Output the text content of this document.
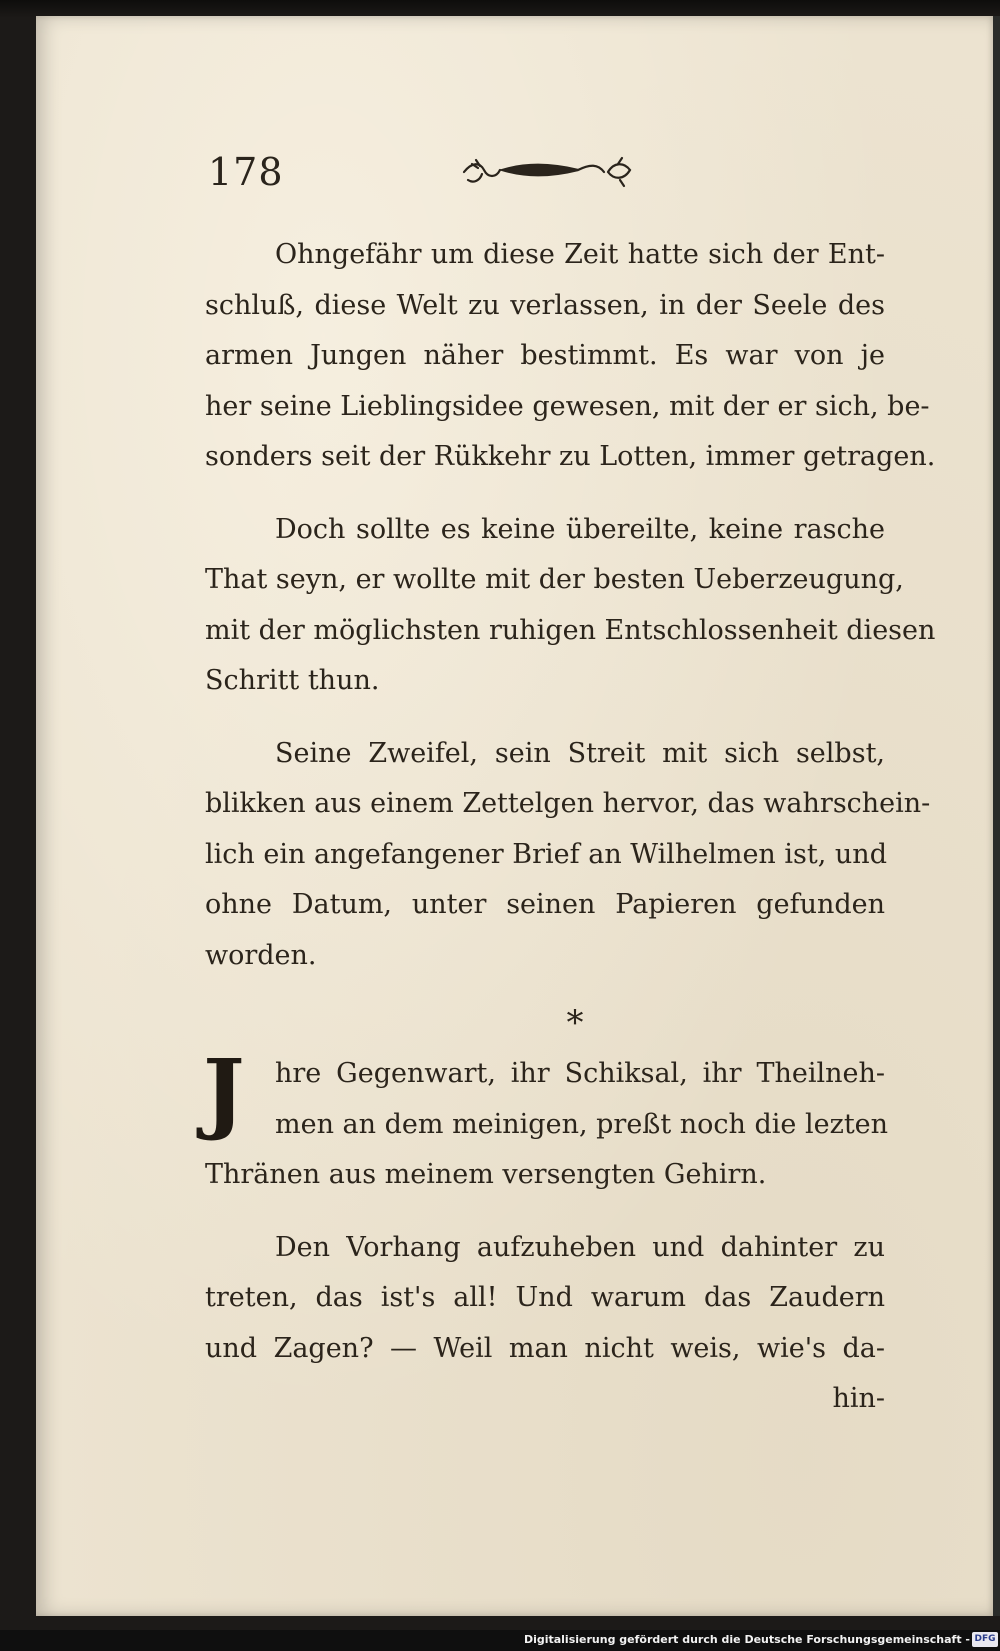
178
Ohngefähr um diese Zeit hatte sich der Ent-
schluß, diese Welt zu verlassen, in der Seele des
armen Jungen näher bestimmt. Es war von je
her seine Lieblingsidee gewesen, mit der er sich, be-
sonders seit der Rükkehr zu Lotten, immer getragen.
Doch sollte es keine übereilte, keine rasche
That seyn, er wollte mit der besten Ueberzeugung,
mit der möglichsten ruhigen Entschlossenheit diesen
Schritt thun.
Seine Zweifel, sein Streit mit sich selbst,
blikken aus einem Zettelgen hervor, das wahrschein-
lich ein angefangener Brief an Wilhelmen ist, und
ohne Datum, unter seinen Papieren gefunden
worden.
*
J	hre Gegenwart, ihr Schiksal, ihr Theilneh-
men an dem meinigen, preßt noch die lezten
Thränen aus meinem versengten Gehirn.
Den Vorhang aufzuheben und dahinter zu
treten, das ist's all! Und warum das Zaudern
und Zagen? — Weil man nicht weis, wie's da-
hin-
Digitalisierung gefördert durch die Deutsche Forschungsgemeinschaft - DFG
